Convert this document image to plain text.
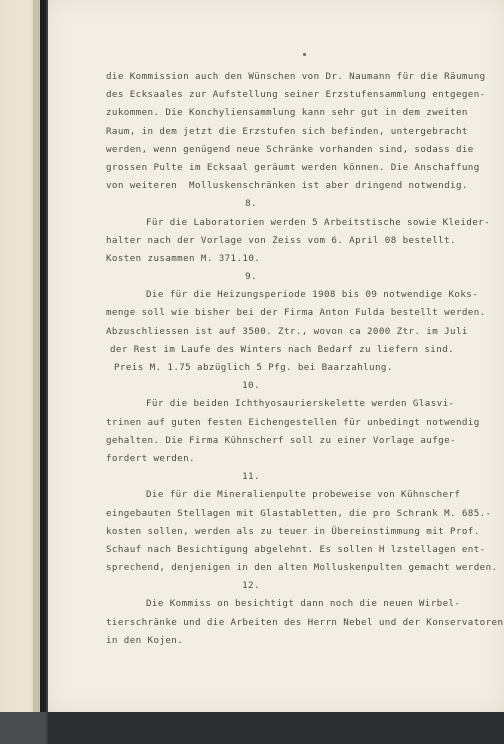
die Kommission auch den Wünschen von Dr. Naumann für die Räumung
des Ecksaales zur Aufstellung seiner Erzstufensammlung entgegen-
zukommen. Die Konchyliensammlung kann sehr gut in dem zweiten
Raum, in dem jetzt die Erzstufen sich befinden, untergebracht
werden, wenn genügend neue Schränke vorhanden sind, sodass die
grossen Pulte im Ecksaal geräumt werden können. Die Anschaffung
von weiteren  Molluskenschränken ist aber dringend notwendig.
8.
Für die Laboratorien werden 5 Arbeitstische sowie Kleider-
halter nach der Vorlage von Zeiss vom 6. April 08 bestellt.
Kosten zusammen M. 371.10.
9.
Die für die Heizungsperiode 1908 bis 09 notwendige Koks-
menge soll wie bisher bei der Firma Anton Fulda bestellt werden.
Abzuschliessen ist auf 3500. Ztr., wovon ca 2000 Ztr. im Juli
der Rest im Laufe des Winters nach Bedarf zu liefern sind.
Preis M. 1.75 abzüglich 5 Pfg. bei Baarzahlung.
10.
Für die beiden Ichthyosaurierskelette werden Glasvi-
trinen auf guten festen Eichengestellen für unbedingt notwendig
gehalten. Die Firma Kühnscherf soll zu einer Vorlage aufge-
fordert werden.
11.
Die für die Mineralienpulte probeweise von Kühnscherf
eingebauten Stellagen mit Glastabletten, die pro Schrank M. 685.-
kosten sollen, werden als zu teuer in Übereinstimmung mit Prof.
Schauf nach Besichtigung abgelehnt. Es sollen H lzstellagen ent-
sprechend, denjenigen in den alten Molluskenpulten gemacht werden.
12.
Die Kommiss on besichtigt dann noch die neuen Wirbel-
tierschränke und die Arbeiten des Herrn Nebel und der Konservatoren
in den Kojen.
